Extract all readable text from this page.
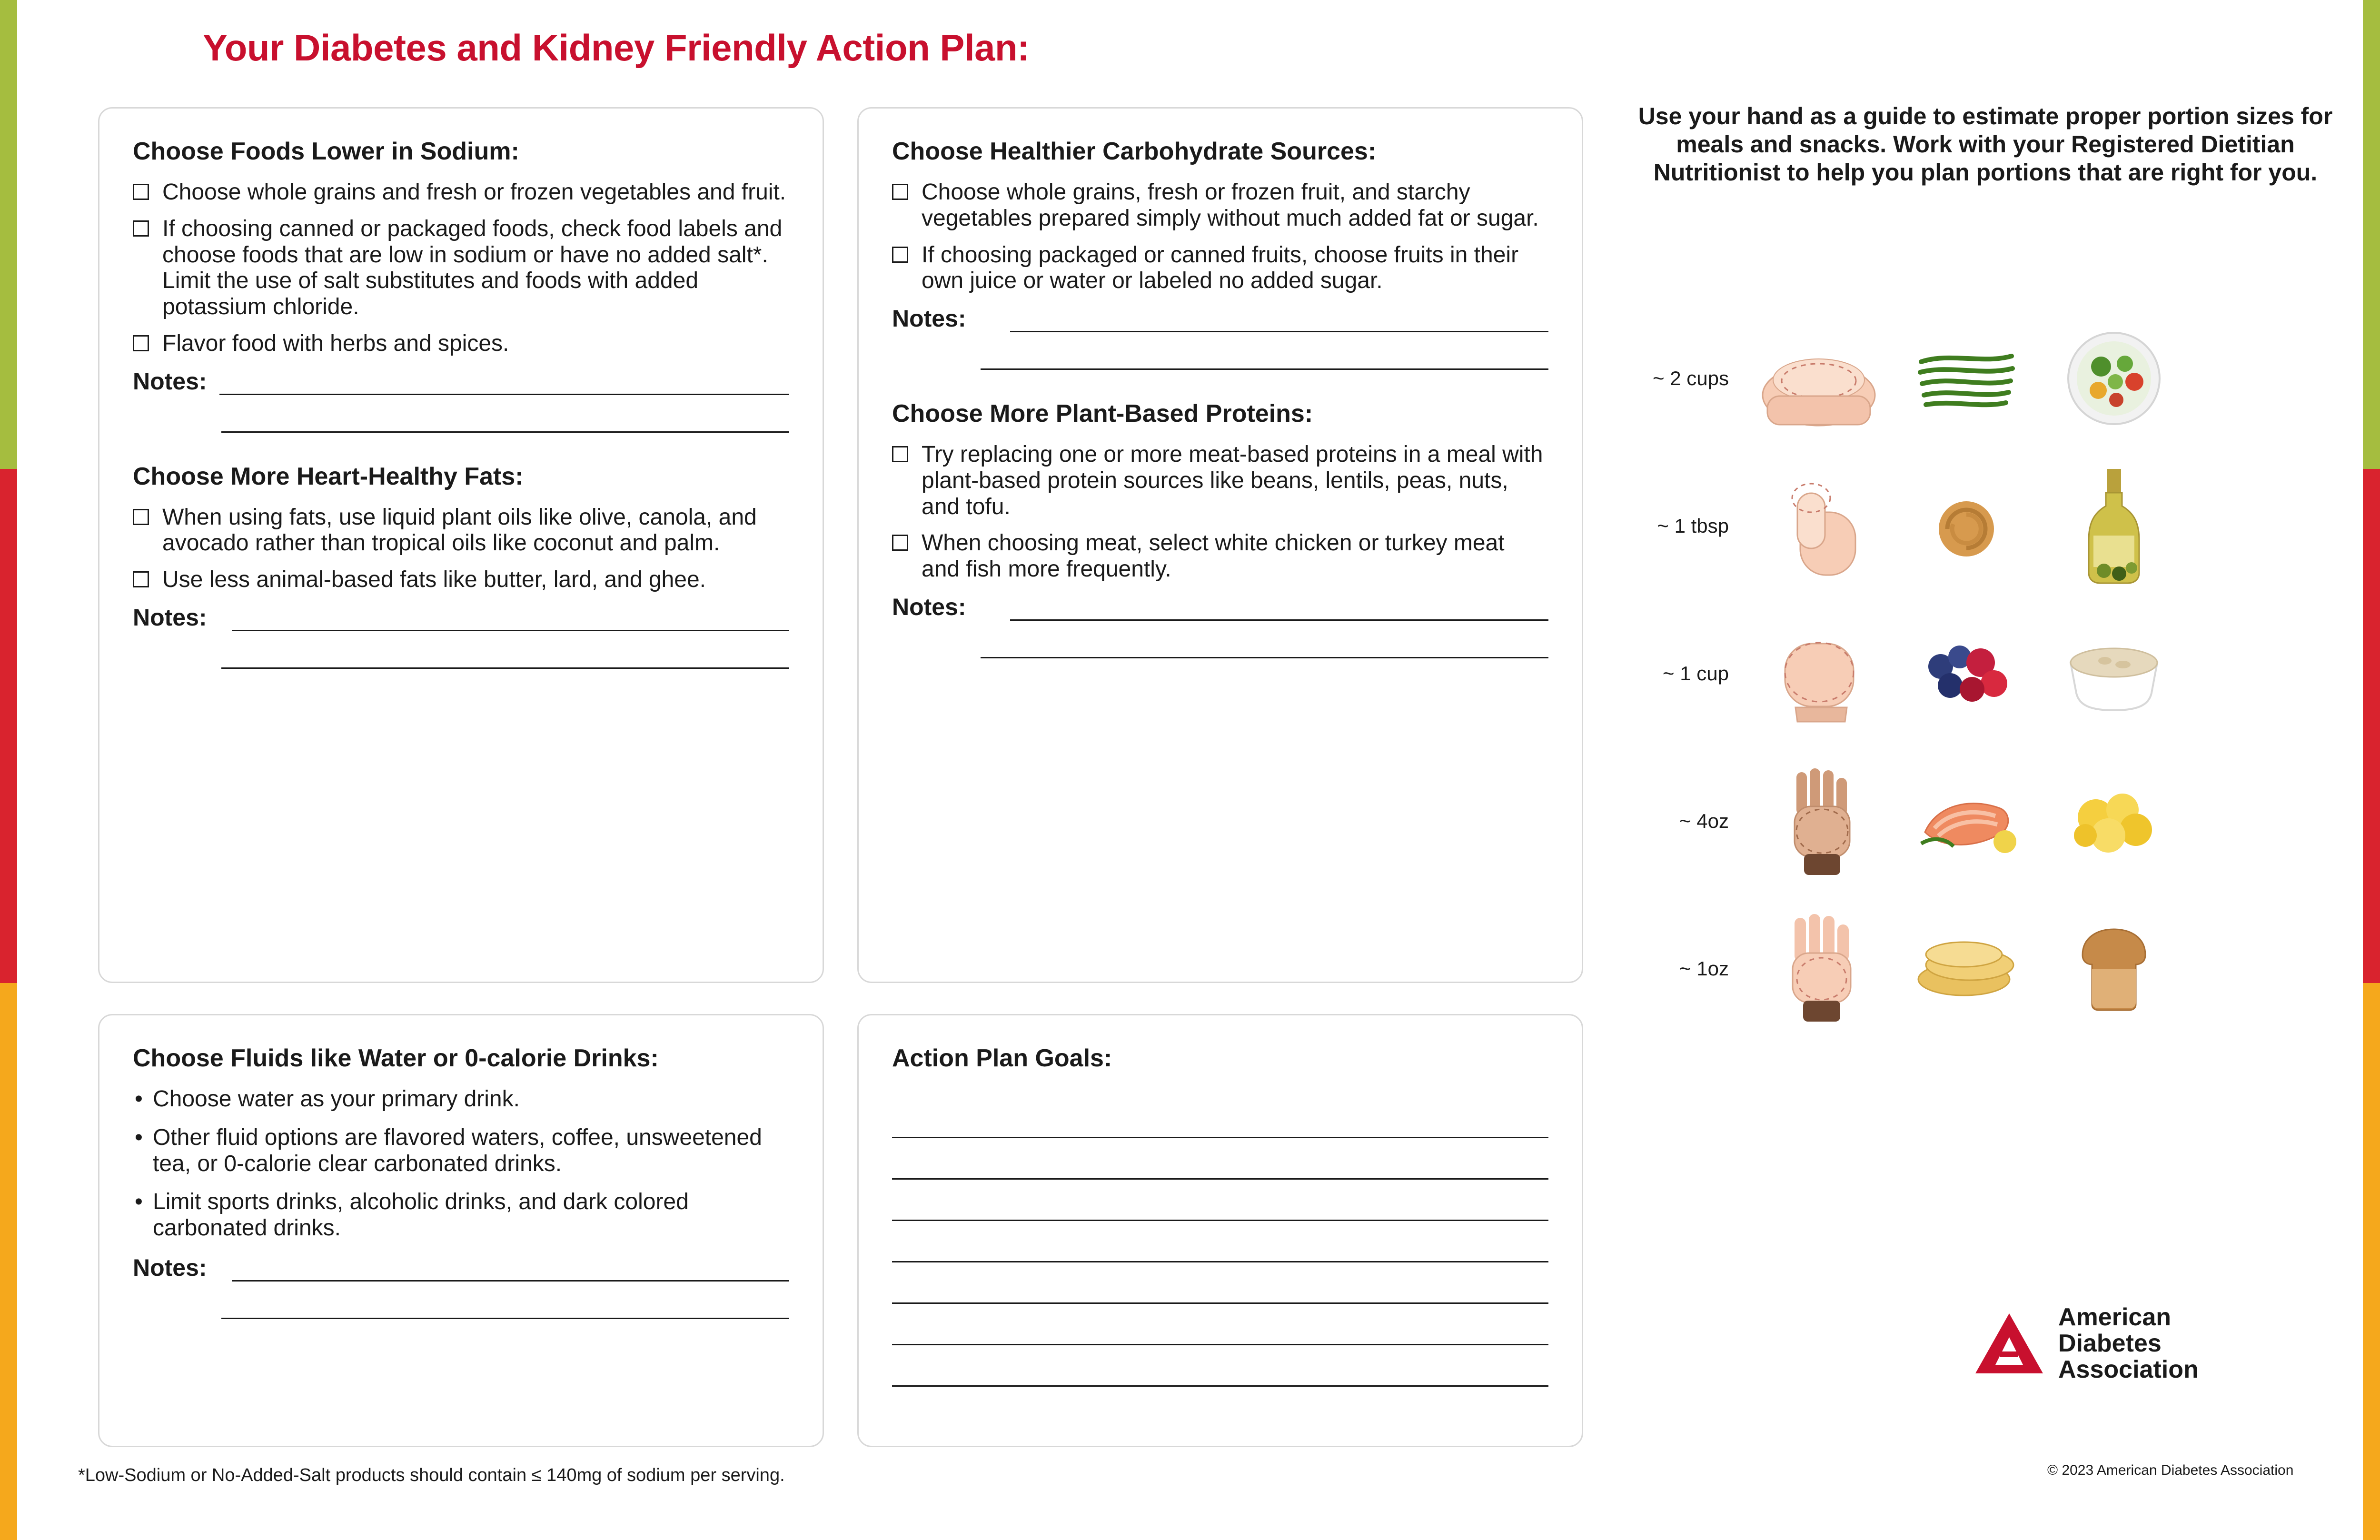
Your Diabetes and Kidney Friendly Action Plan:
Choose Foods Lower in Sodium:
Choose whole grains and fresh or frozen vegetables and fruit.
If choosing canned or packaged foods, check food labels and choose foods that are low in sodium or have no added salt*. Limit the use of salt substitutes and foods with added potassium chloride.
Flavor food with herbs and spices.
Notes:
Choose More Heart-Healthy Fats:
When using fats, use liquid plant oils like olive, canola, and avocado rather than tropical oils like coconut and palm.
Use less animal-based fats like butter, lard, and ghee.
Notes:
Choose Healthier Carbohydrate Sources:
Choose whole grains, fresh or frozen fruit, and starchy vegetables prepared simply without much added fat or sugar.
If choosing packaged or canned fruits, choose fruits in their own juice or water or labeled no added sugar.
Notes:
Choose More Plant-Based Proteins:
Try replacing one or more meat-based proteins in a meal with plant-based protein sources like beans, lentils, peas, nuts, and tofu.
When choosing meat, select white chicken or turkey meat and fish more frequently.
Notes:
Choose Fluids like Water or 0-calorie Drinks:
• Choose water as your primary drink.
• Other fluid options are flavored waters, coffee, unsweetened tea, or 0-calorie clear carbonated drinks.
• Limit sports drinks, alcoholic drinks, and dark colored carbonated drinks.
Notes:
Action Plan Goals:
*Low-Sodium or No-Added-Salt products should contain ≤ 140mg of sodium per serving.
Use your hand as a guide to estimate proper portion sizes for meals and snacks. Work with your Registered Dietitian Nutritionist to help you plan portions that are right for you.
~ 2 cups
~ 1 tbsp
~ 1 cup
~ 4oz
~ 1oz
American
Diabetes
Association
© 2023 American Diabetes Association
